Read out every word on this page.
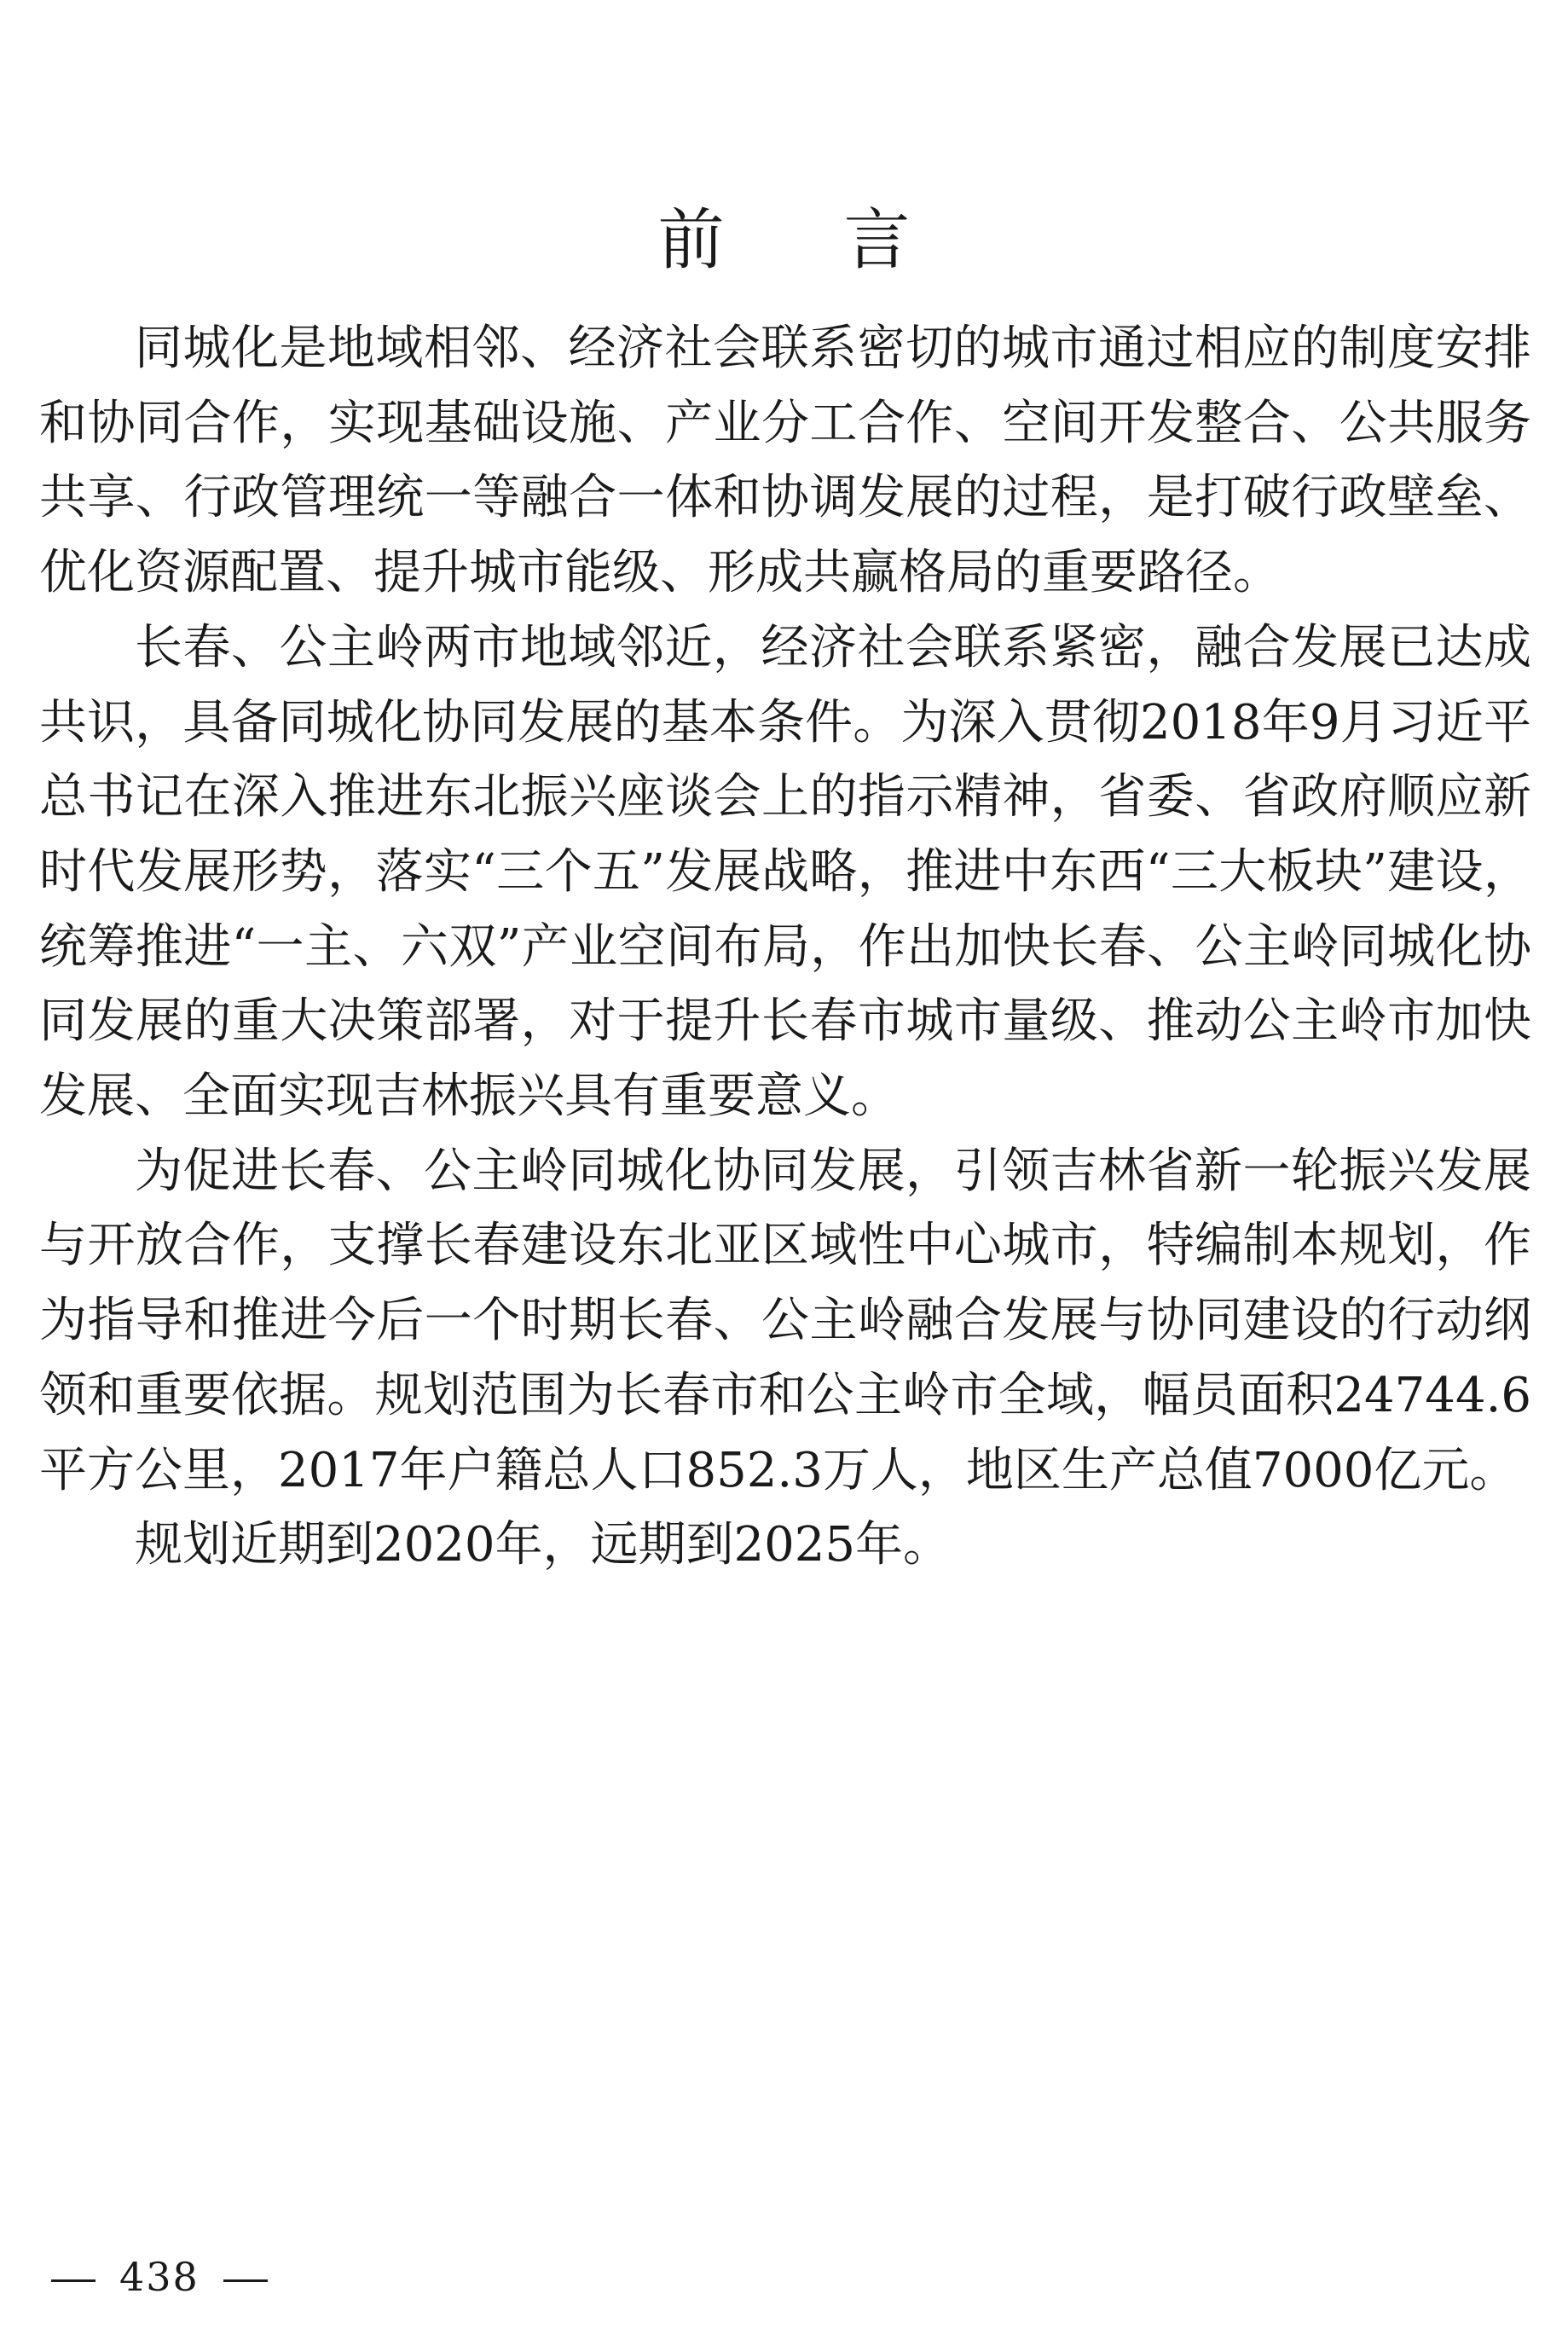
前言

同城化是地域相邻、经济社会联系密切的城市通过相应的制度安排和协同合作，实现基础设施、产业分工合作、空间开发整合、公共服务共享、行政管理统一等融合一体和协调发展的过程，是打破行政壁垒、优化资源配置、提升城市能级、形成共赢格局的重要路径。

长春、公主岭两市地域邻近，经济社会联系紧密，融合发展已达成共识，具备同城化协同发展的基本条件。为深入贯彻2018年9月习近平总书记在深入推进东北振兴座谈会上的指示精神，省委、省政府顺应新时代发展形势，落实“三个五”发展战略，推进中东西“三大板块”建设，统筹推进“一主、六双”产业空间布局，作出加快长春、公主岭同城化协同发展的重大决策部署，对于提升长春市城市量级、推动公主岭市加快发展、全面实现吉林振兴具有重要意义。

为促进长春、公主岭同城化协同发展，引领吉林省新一轮振兴发展与开放合作，支撑长春建设东北亚区域性中心城市，特编制本规划，作为指导和推进今后一个时期长春、公主岭融合发展与协同建设的行动纲领和重要依据。规划范围为长春市和公主岭市全域，幅员面积24744.6平方公里，2017年户籍总人口852.3万人，地区生产总值7000亿元。

规划近期到2020年，远期到2025年。

438
